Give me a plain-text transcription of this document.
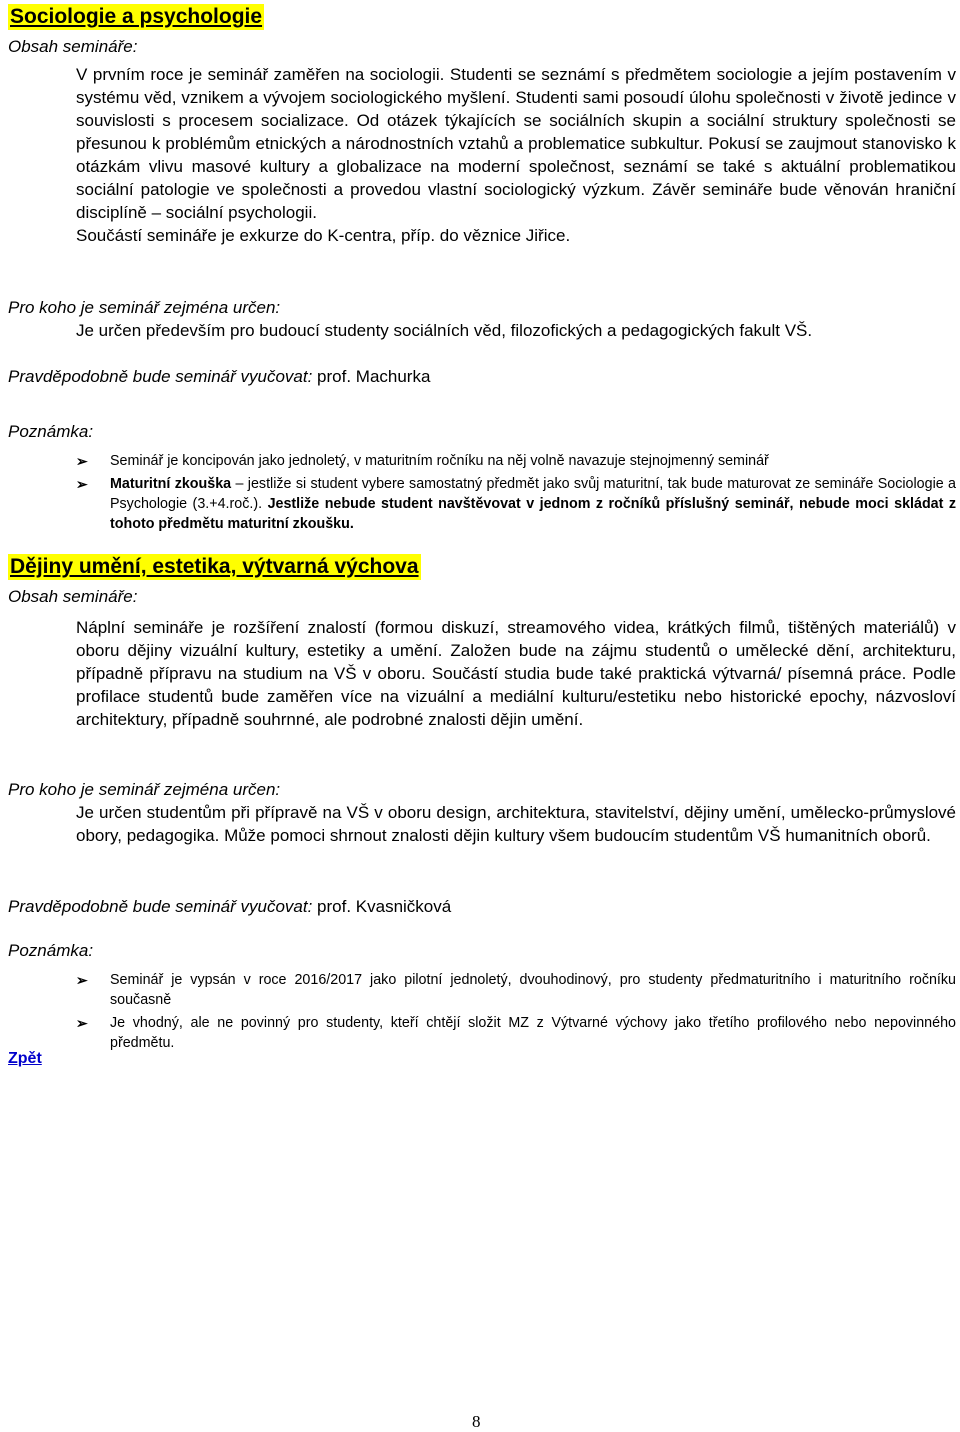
Sociologie a psychologie
Obsah semináře:

V prvním roce je seminář zaměřen na sociologii. Studenti se seznámí s předmětem sociologie a jejím postavením v systému věd, vznikem a vývojem sociologického myšlení. Studenti sami posoudí úlohu společnosti v životě jedince v souvislosti s procesem socializace. Od otázek týkajících se sociálních skupin a sociální struktury společnosti se přesunou k problémům etnických a národnostních vztahů a problematice subkultur. Pokusí se zaujmout stanovisko k otázkám vlivu masové kultury a globalizace na moderní společnost, seznámí se také s aktuální problematikou sociální patologie ve společnosti a provedou vlastní sociologický výzkum. Závěr semináře bude věnován hraniční disciplíně – sociální psychologii.

Součástí semináře je exkurze do K-centra, příp. do věznice Jiřice.

Pro koho je seminář zejména určen:
Je určen především pro budoucí studenty sociálních věd, filozofických a pedagogických fakult VŠ.
Pravděpodobně bude seminář vyučovat: prof. Machurka
Poznámka:
➢ Seminář je koncipován jako jednoletý, v maturitním ročníku na něj volně navazuje stejnojmenný seminář
➢ Maturitní zkouška – jestliže si student vybere samostatný předmět jako svůj maturitní, tak bude maturovat ze semináře Sociologie a Psychologie (3.+4.roč.). Jestliže nebude student navštěvovat v jednom z ročníků příslušný seminář, nebude moci skládat z tohoto předmětu maturitní zkoušku.
Dějiny umění, estetika, výtvarná výchova
Obsah semináře:
Náplní semináře je rozšíření znalostí (formou diskuzí, streamového videa, krátkých filmů, tištěných materiálů) v oboru dějiny vizuální kultury, estetiky a umění. Založen bude na zájmu studentů o umělecké dění, architekturu, případně přípravu na studium na VŠ v oboru. Součástí studia bude také praktická výtvarná/ písemná práce. Podle profilace studentů bude zaměřen více na vizuální a mediální kulturu/estetiku nebo historické epochy, názvosloví architektury, případně souhrnné, ale podrobné znalosti dějin umění.
Pro koho je seminář zejména určen:
Je určen studentům při přípravě na VŠ v oboru design, architektura, stavitelství, dějiny umění, umělecko-průmyslové obory, pedagogika. Může pomoci shrnout znalosti dějin kultury všem budoucím studentům VŠ humanitních oborů.
Pravděpodobně bude seminář vyučovat: prof. Kvasničková
Poznámka:
➢ Seminář je vypsán v roce 2016/2017 jako pilotní jednoletý, dvouhodinový, pro studenty předmaturitního i maturitního ročníku současně
➢ Je vhodný, ale ne povinný pro studenty, kteří chtějí složit MZ z Výtvarné výchovy jako třetího profilového nebo nepovinného předmětu.
Zpět
8
